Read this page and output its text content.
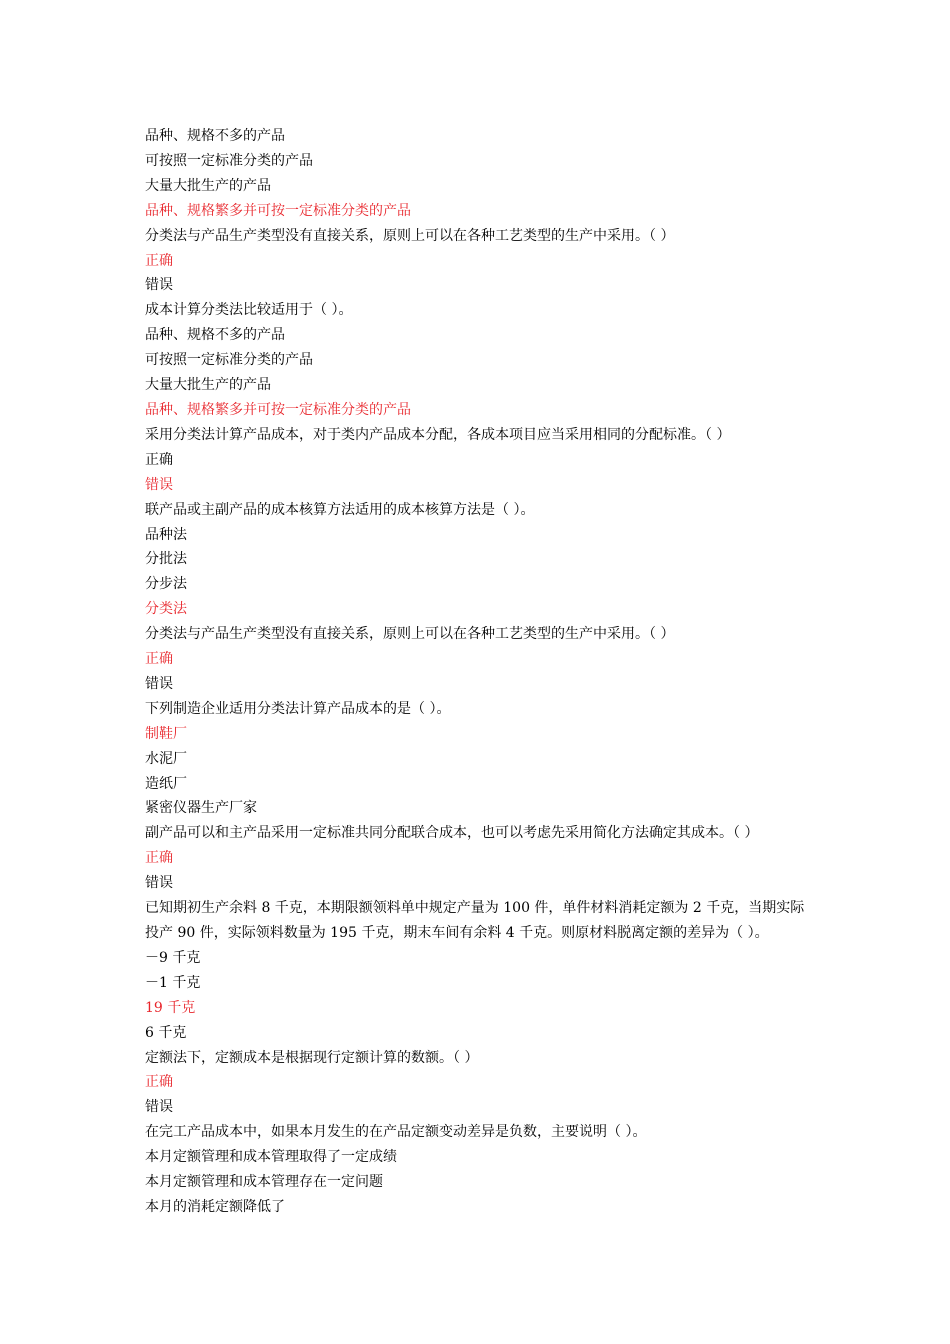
品种、规格不多的产品
可按照一定标准分类的产品
大量大批生产的产品
品种、规格繁多并可按一定标准分类的产品
分类法与产品生产类型没有直接关系，原则上可以在各种工艺类型的生产中采用。（ ）
正确
错误
成本计算分类法比较适用于（ ）。
品种、规格不多的产品
可按照一定标准分类的产品
大量大批生产的产品
品种、规格繁多并可按一定标准分类的产品
采用分类法计算产品成本，对于类内产品成本分配，各成本项目应当采用相同的分配标准。（ ）
正确
错误
联产品或主副产品的成本核算方法适用的成本核算方法是（ ）。
品种法
分批法
分步法
分类法
分类法与产品生产类型没有直接关系，原则上可以在各种工艺类型的生产中采用。（ ）
正确
错误
下列制造企业适用分类法计算产品成本的是（ ）。
制鞋厂
水泥厂
造纸厂
紧密仪器生产厂家
副产品可以和主产品采用一定标准共同分配联合成本，也可以考虑先采用简化方法确定其成本。（ ）
正确
错误
已知期初生产余料 8 千克，本期限额领料单中规定产量为 100 件，单件材料消耗定额为 2 千克，当期实际投产 90 件，实际领料数量为 195 千克，期末车间有余料 4 千克。则原材料脱离定额的差异为（ ）。
－9 千克
－1 千克
19 千克
6 千克
定额法下，定额成本是根据现行定额计算的数额。（ ）
正确
错误
在完工产品成本中，如果本月发生的在产品定额变动差异是负数，主要说明（ ）。
本月定额管理和成本管理取得了一定成绩
本月定额管理和成本管理存在一定问题
本月的消耗定额降低了
